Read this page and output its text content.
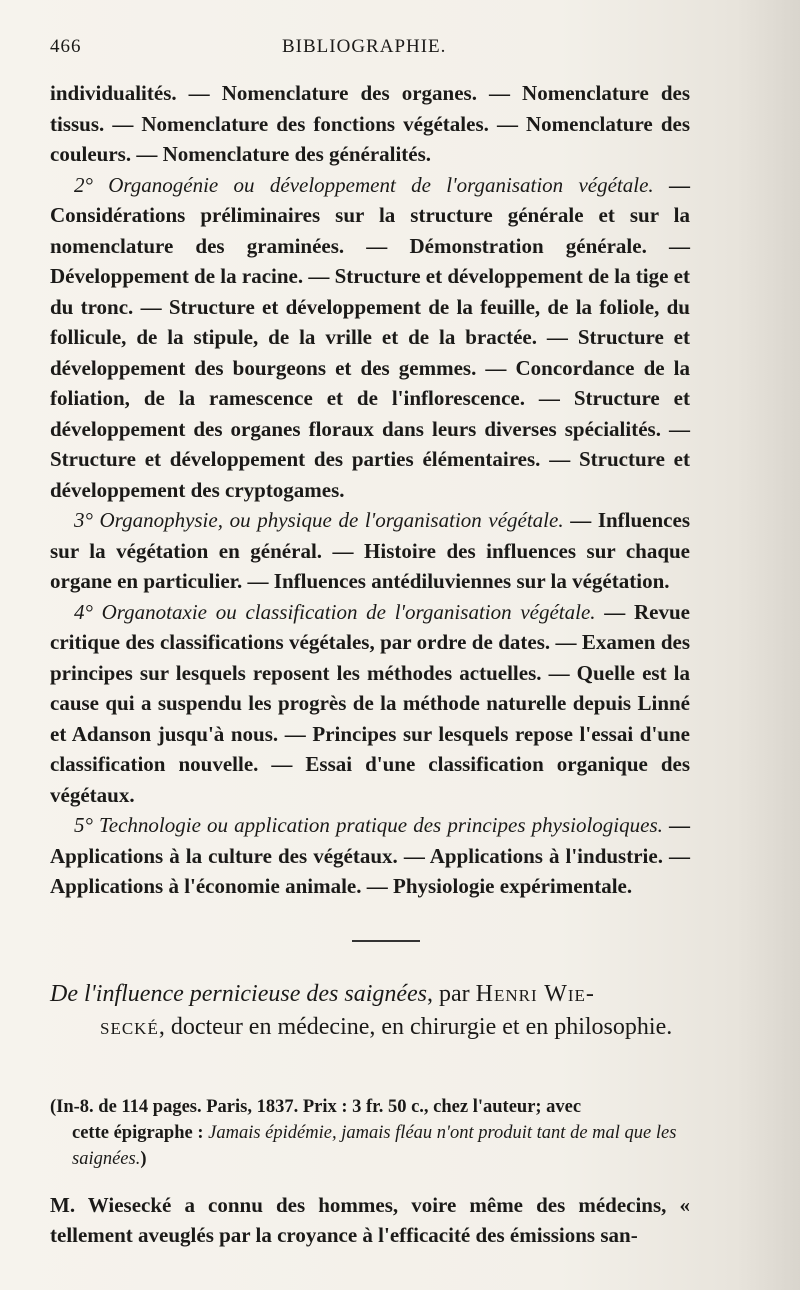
466	BIBLIOGRAPHIE.

individualités. — Nomenclature des organes. — Nomenclature des tissus. — Nomenclature des fonctions végétales. — Nomenclature des couleurs. — Nomenclature des généralités.

2° Organogénie ou développement de l'organisation végétale. — Considérations préliminaires sur la structure générale et sur la nomenclature des graminées. — Démonstration générale. — Développement de la racine. — Structure et développement de la tige et du tronc. — Structure et développement de la feuille, de la foliole, du follicule, de la stipule, de la vrille et de la bractée. — Structure et développement des bourgeons et des gemmes. — Concordance de la foliation, de la ramescence et de l'inflorescence. — Structure et développement des organes floraux dans leurs diverses spécialités. — Structure et développement des parties élémentaires. — Structure et développement des cryptogames.

3° Organophysie, ou physique de l'organisation végétale. — Influences sur la végétation en général. — Histoire des influences sur chaque organe en particulier. — Influences antédiluviennes sur la végétation.

4° Organotaxie ou classification de l'organisation végétale. — Revue critique des classifications végétales, par ordre de dates. — Examen des principes sur lesquels reposent les méthodes actuelles. — Quelle est la cause qui a suspendu les progrès de la méthode naturelle depuis Linné et Adanson jusqu'à nous. — Principes sur lesquels repose l'essai d'une classification nouvelle. — Essai d'une classification organique des végétaux.

5° Technologie ou application pratique des principes physiologiques. — Applications à la culture des végétaux. — Applications à l'industrie. — Applications à l'économie animale. — Physiologie expérimentale.

De l'influence pernicieuse des saignées, par Henri Wie-
secké, docteur en médecine, en chirurgie et en philosophie.
(In-8. de 114 pages. Paris, 1837. Prix : 3 fr. 50 c., chez l'auteur; avec
cette épigraphe : Jamais épidémie, jamais fléau n'ont produit tant de mal que les saignées.)
M. Wiesecké a connu des hommes, voire même des médecins, « tellement aveuglés par la croyance à l'efficacité des émissions san-
